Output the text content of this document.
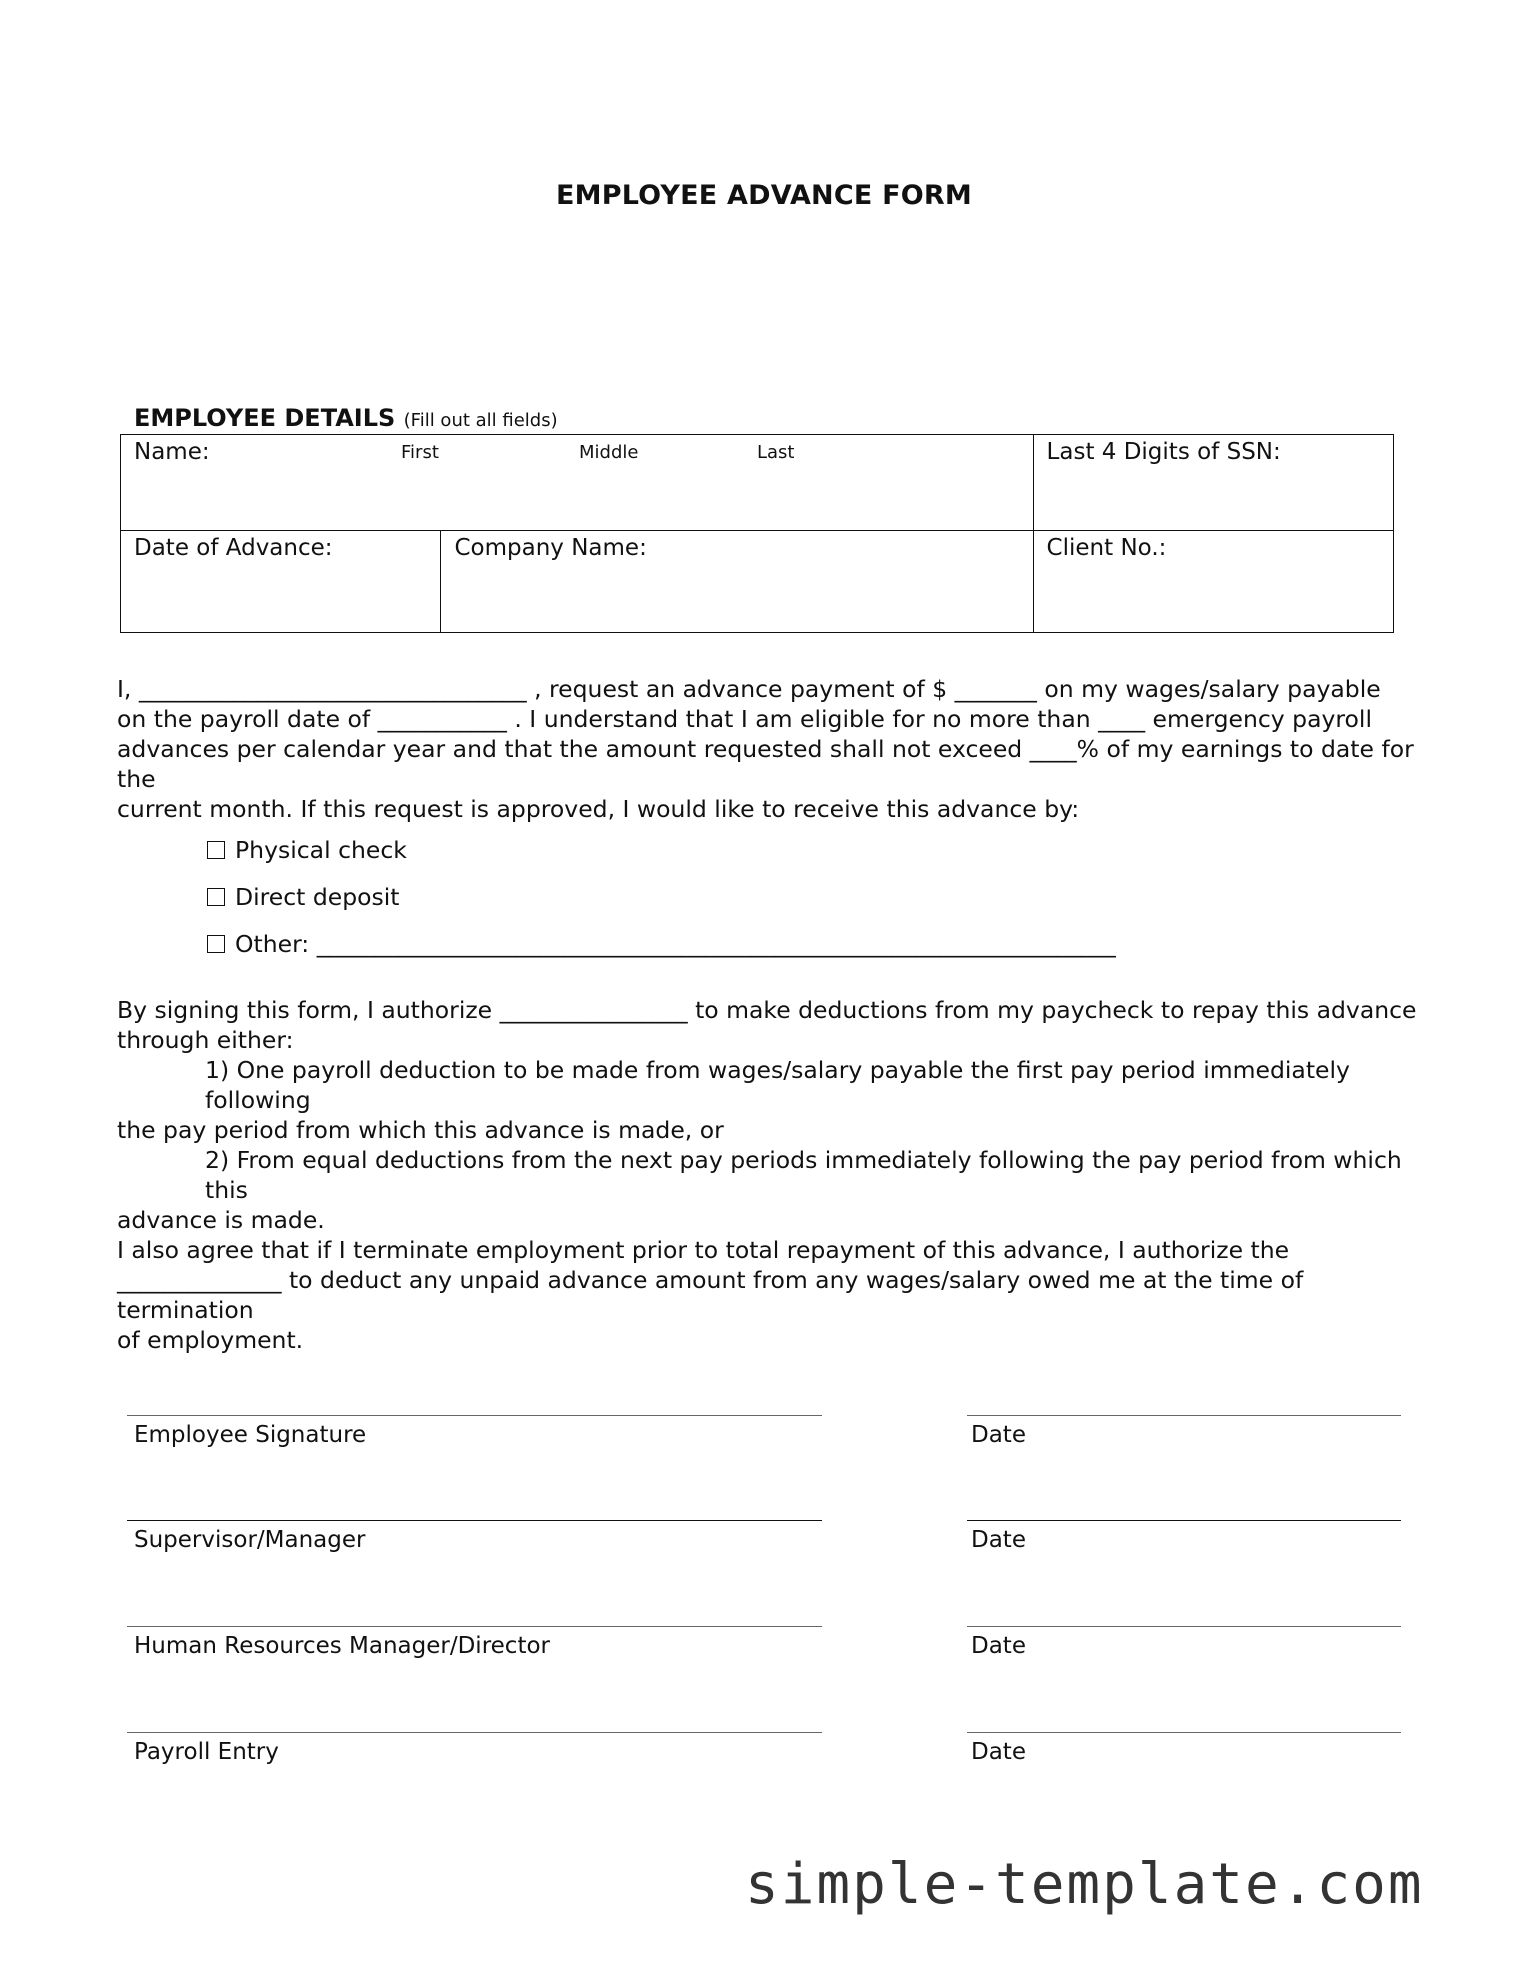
EMPLOYEE ADVANCE FORM
EMPLOYEE DETAILS (Fill out all fields)
Name: First Middle Last		Last 4 Digits of SSN:

Date of Advance:	Company Name:	Client No.:

I, _________________________________ , request an advance payment of $ _______ on my wages/salary payable

on the payroll date of ___________ . I understand that I am eligible for no more than ____ emergency payroll

advances per calendar year and that the amount requested shall not exceed ____% of my earnings to date for the

current month. If this request is approved, I would like to receive this advance by:

Physical check
Direct deposit
Other: ____________________________________________________________________

By signing this form, I authorize ________________ to make deductions from my paycheck to repay this advance

through either:

1) One payroll deduction to be made from wages/salary payable the first pay period immediately following

the pay period from which this advance is made, or

2) From equal deductions from the next pay periods immediately following the pay period from which this

advance is made.

I also agree that if I terminate employment prior to total repayment of this advance, I authorize the

______________ to deduct any unpaid advance amount from any wages/salary owed me at the time of termination

of employment.

Employee Signature	Date
Supervisor/Manager	Date
Human Resources Manager/Director	Date
Payroll Entry	Date
simple-template.com
